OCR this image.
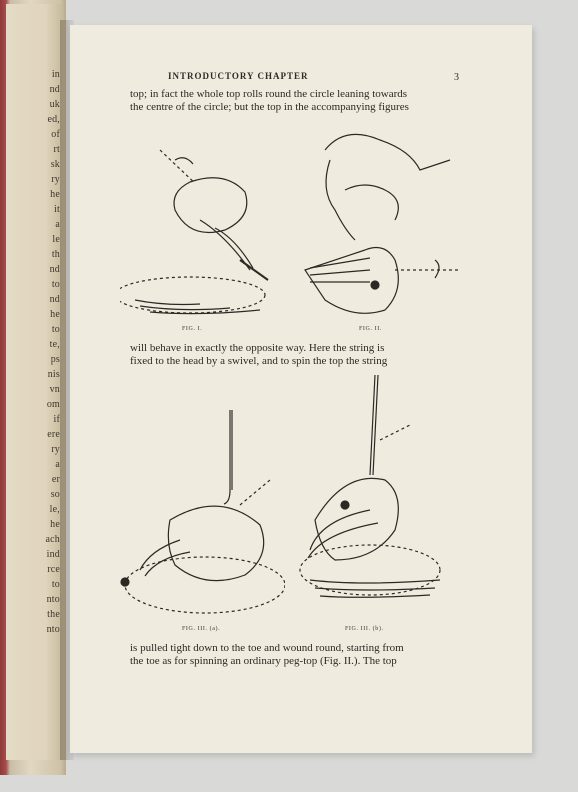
in
nd
uk
ed,
of
rt
sk
ry
he
it
a
le
th
nd
to
nd
he
to
te,
ps
nis
vn
om
if
ere
ry
a
er
so
le,
he
ach
ind
rce
to
nto
the
nto
INTRODUCTORY CHAPTER	3

top; in fact the whole top rolls round the circle leaning towards

the centre of the circle; but the top in the accompanying figures

FIG. I.	FIG. II.

will behave in exactly the opposite way. Here the string is

fixed to the head by a swivel, and to spin the top the string

FIG. III. (a).	FIG. III. (b).

is pulled tight down to the toe and wound round, starting from

the toe as for spinning an ordinary peg-top (Fig. II.). The top
